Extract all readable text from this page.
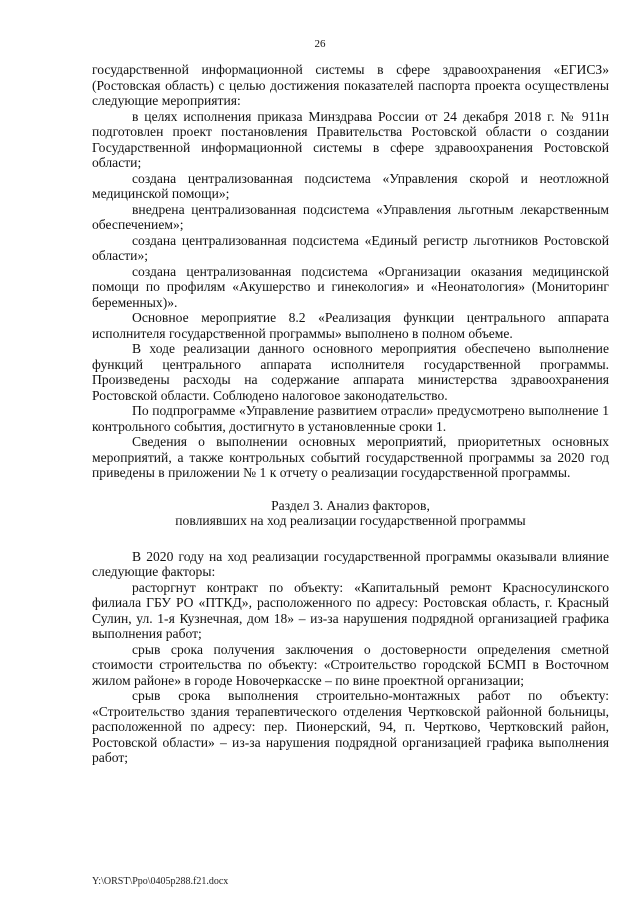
26

государственной информационной системы в сфере здравоохранения «ЕГИСЗ» (Ростовская область) с целью достижения показателей паспорта проекта осуществлены следующие мероприятия:

в целях исполнения приказа Минздрава России от 24 декабря 2018 г. № 911н подготовлен проект постановления Правительства Ростовской области о создании Государственной информационной системы в сфере здравоохранения Ростовской области;

создана централизованная подсистема «Управления скорой и неотложной медицинской помощи»;

внедрена централизованная подсистема «Управления льготным лекарственным обеспечением»;

создана централизованная подсистема «Единый регистр льготников Ростовской области»;

создана централизованная подсистема «Организации оказания медицинской помощи по профилям «Акушерство и гинекология» и «Неонатология» (Мониторинг беременных)».

Основное мероприятие 8.2 «Реализация функции центрального аппарата исполнителя государственной программы» выполнено в полном объеме.

В ходе реализации данного основного мероприятия обеспечено выполнение функций центрального аппарата исполнителя государственной программы. Произведены расходы на содержание аппарата министерства здравоохранения Ростовской области. Соблюдено налоговое законодательство.

По подпрограмме «Управление развитием отрасли» предусмотрено выполнение 1 контрольного события, достигнуто в установленные сроки 1.

Сведения о выполнении основных мероприятий, приоритетных основных мероприятий, а также контрольных событий государственной программы за 2020 год приведены в приложении № 1 к отчету о реализации государственной программы.

Раздел 3. Анализ факторов,
повлиявших на ход реализации государственной программы

В 2020 году на ход реализации государственной программы оказывали влияние следующие факторы:

расторгнут контракт по объекту: «Капитальный ремонт Красносулинского филиала ГБУ РО «ПТКД», расположенного по адресу: Ростовская область, г. Красный Сулин, ул. 1-я Кузнечная, дом 18» – из-за нарушения подрядной организацией графика выполнения работ;

срыв срока получения заключения о достоверности определения сметной стоимости строительства по объекту: «Строительство городской БСМП в Восточном жилом районе» в городе Новочеркасске – по вине проектной организации;

срыв срока выполнения строительно-монтажных работ по объекту: «Строительство здания терапевтического отделения Чертковской районной больницы, расположенной по адресу: пер. Пионерский, 94, п. Чертково, Чертковский район, Ростовской области» – из-за нарушения подрядной организацией графика выполнения работ;

Y:\ORST\Ppo\0405p288.f21.docx
